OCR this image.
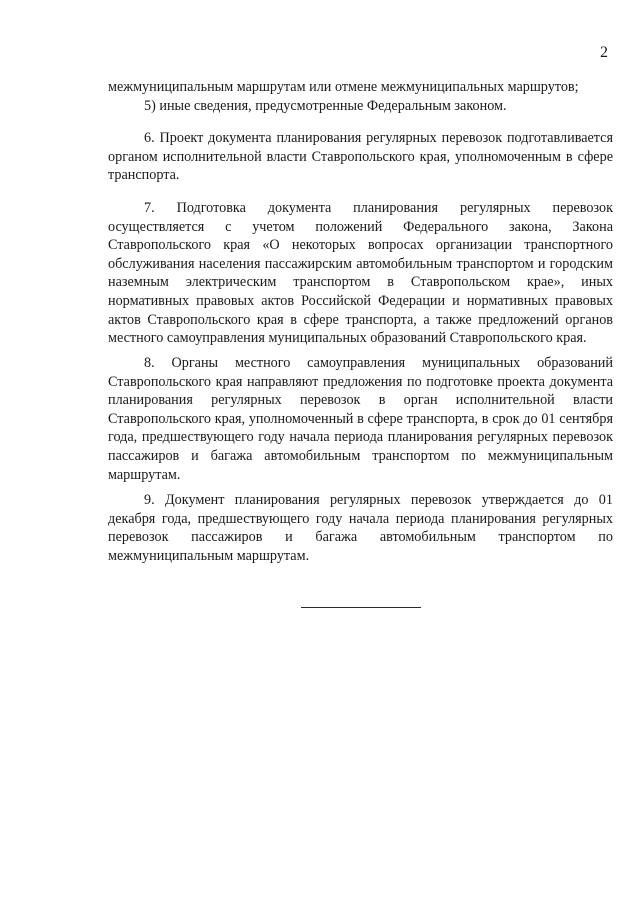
2

межмуниципальным маршрутам или отмене межмуниципальных маршрутов;

5) иные сведения, предусмотренные Федеральным законом.

6. Проект документа планирования регулярных перевозок подготавливается органом исполнительной власти Ставропольского края, уполномоченным в сфере транспорта.

7. Подготовка документа планирования регулярных перевозок осуществляется с учетом положений Федерального закона, Закона Ставропольского края «О некоторых вопросах организации транспортного обслуживания населения пассажирским автомобильным транспортом и городским наземным электрическим транспортом в Ставропольском крае», иных нормативных правовых актов Российской Федерации и нормативных правовых актов Ставропольского края в сфере транспорта, а также предложений органов местного самоуправления муниципальных образований Ставропольского края.

8. Органы местного самоуправления муниципальных образований Ставропольского края направляют предложения по подготовке проекта документа планирования регулярных перевозок в орган исполнительной власти Ставропольского края, уполномоченный в сфере транспорта, в срок до 01 сентября года, предшествующего году начала периода планирования регулярных перевозок пассажиров и багажа автомобильным транспортом по межмуниципальным маршрутам.

9. Документ планирования регулярных перевозок утверждается до 01 декабря года, предшествующего году начала периода планирования регулярных перевозок пассажиров и багажа автомобильным транспортом по межмуниципальным маршрутам.
